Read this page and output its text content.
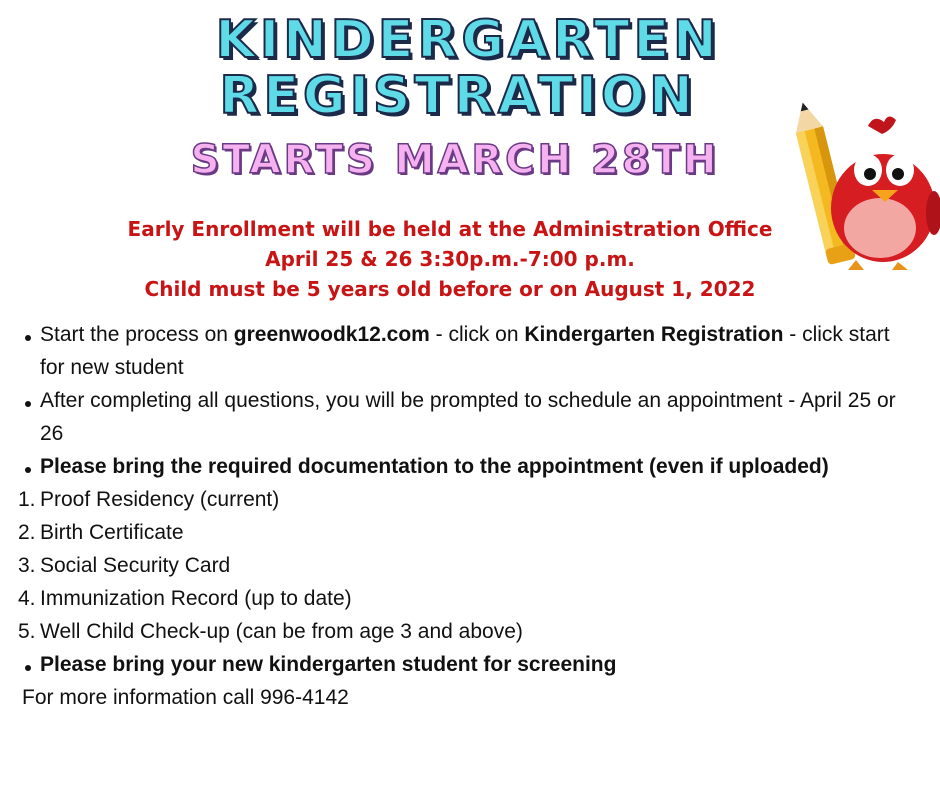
KINDERGARTEN
REGISTRATION
STARTS MARCH 28TH
Early Enrollment will be held at the Administration Office
April 25 & 26 3:30p.m.-7:00 p.m.
Child must be 5 years old before or on August 1, 2022
Start the process on greenwoodk12.com - click on Kindergarten Registration - click start for new student
After completing all questions, you will be prompted to schedule an appointment - April 25 or 26
Please bring the required documentation to the appointment (even if uploaded)
1. Proof Residency (current)
2. Birth Certificate
3. Social Security Card
4. Immunization Record (up to date)
5. Well Child Check-up (can be from age 3 and above)
Please bring your new kindergarten student for screening
For more information call 996-4142
